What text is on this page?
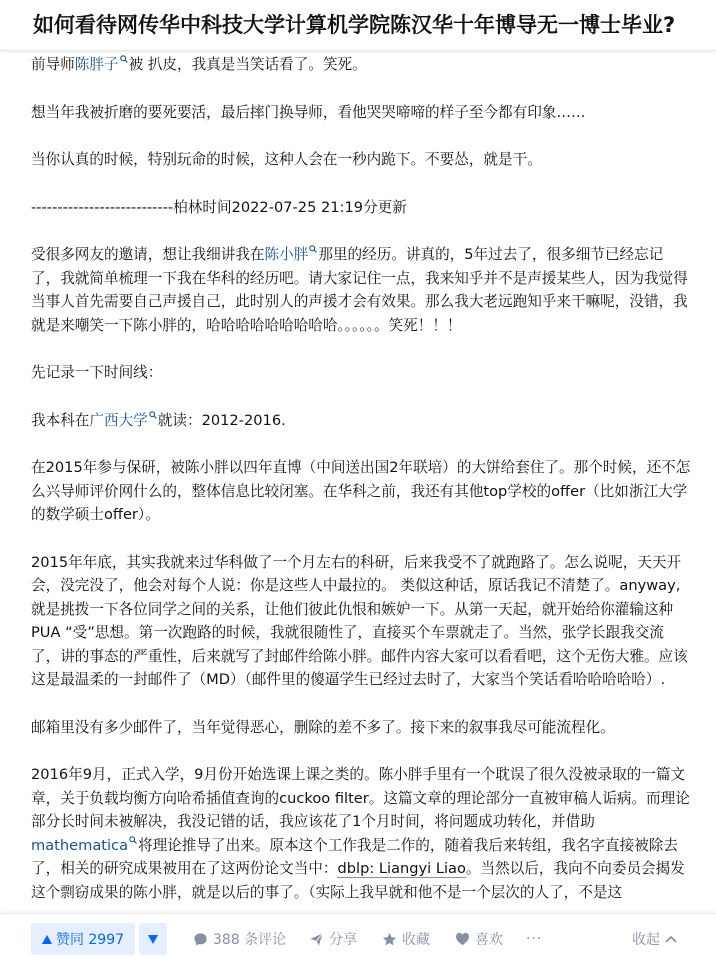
如何看待网传华中科技大学计算机学院陈汉华十年博导无一博士毕业?

前导师陈胖子 被 扒皮，我真是当笑话看了。笑死。

想当年我被折磨的要死要活，最后摔门换导师，看他哭哭啼啼的样子至今都有印象……

当你认真的时候，特别玩命的时候，这种人会在一秒内跪下。不要怂，就是干。

---------------------------柏林时间2022-07-25 21:19分更新

受很多网友的邀请，想让我细讲我在陈小胖 那里的经历。讲真的，5年过去了，很多细节已经忘记了，我就简单梳理一下我在华科的经历吧。请大家记住一点，我来知乎并不是声援某些人，因为我觉得当事人首先需要自己声援自己，此时别人的声援才会有效果。那么我大老远跑知乎来干嘛呢，没错，我就是来嘲笑一下陈小胖的，哈哈哈哈哈哈哈哈哈。。。。。。笑死！！！

先记录一下时间线：

我本科在广西大学 就读：2012-2016.

在2015年参与保研，被陈小胖以四年直博（中间送出国2年联培）的大饼给套住了。那个时候，还不怎么兴导师评价网什么的，整体信息比较闭塞。在华科之前，我还有其他top学校的offer（比如浙江大学的数学硕士offer）。

2015年年底，其实我就来过华科做了一个月左右的科研，后来我受不了就跑路了。怎么说呢，天天开会，没完没了，他会对每个人说：你是这些人中最拉的。 类似这种话，原话我记不清楚了。anyway,就是挑拨一下各位同学之间的关系，让他们彼此仇恨和嫉妒一下。从第一天起，就开始给你灌输这种PUA “受”思想。第一次跑路的时候，我就很随性了，直接买个车票就走了。当然，张学长跟我交流了，讲的事态的严重性，后来就写了封邮件给陈小胖。邮件内容大家可以看看吧，这个无伤大雅。应该这是最温柔的一封邮件了（MD）（邮件里的傻逼学生已经过去时了，大家当个笑话看哈哈哈哈哈）.

邮箱里没有多少邮件了，当年觉得恶心，删除的差不多了。接下来的叙事我尽可能流程化。

2016年9月，正式入学，9月份开始选课上课之类的。陈小胖手里有一个耽误了很久没被录取的一篇文章，关于负载均衡方向哈希插值查询的cuckoo filter。这篇文章的理论部分一直被审稿人诟病。而理论部分长时间未被解决，我没记错的话，我应该花了1个月时间，将问题成功转化，并借助mathematica 将理论推导了出来。原本这个工作我是二作的，随着我后来转组，我名字直接被除去了，相关的研究成果被用在了这两份论文当中：dblp: Liangyi Liao。当然以后，我向不向委员会揭发这个剽窃成果的陈小胖，就是以后的事了。（实际上我早就和他不是一个层次的人了，不是这

赞同 2997	388 条评论	分享	收藏	喜欢 ···	收起
